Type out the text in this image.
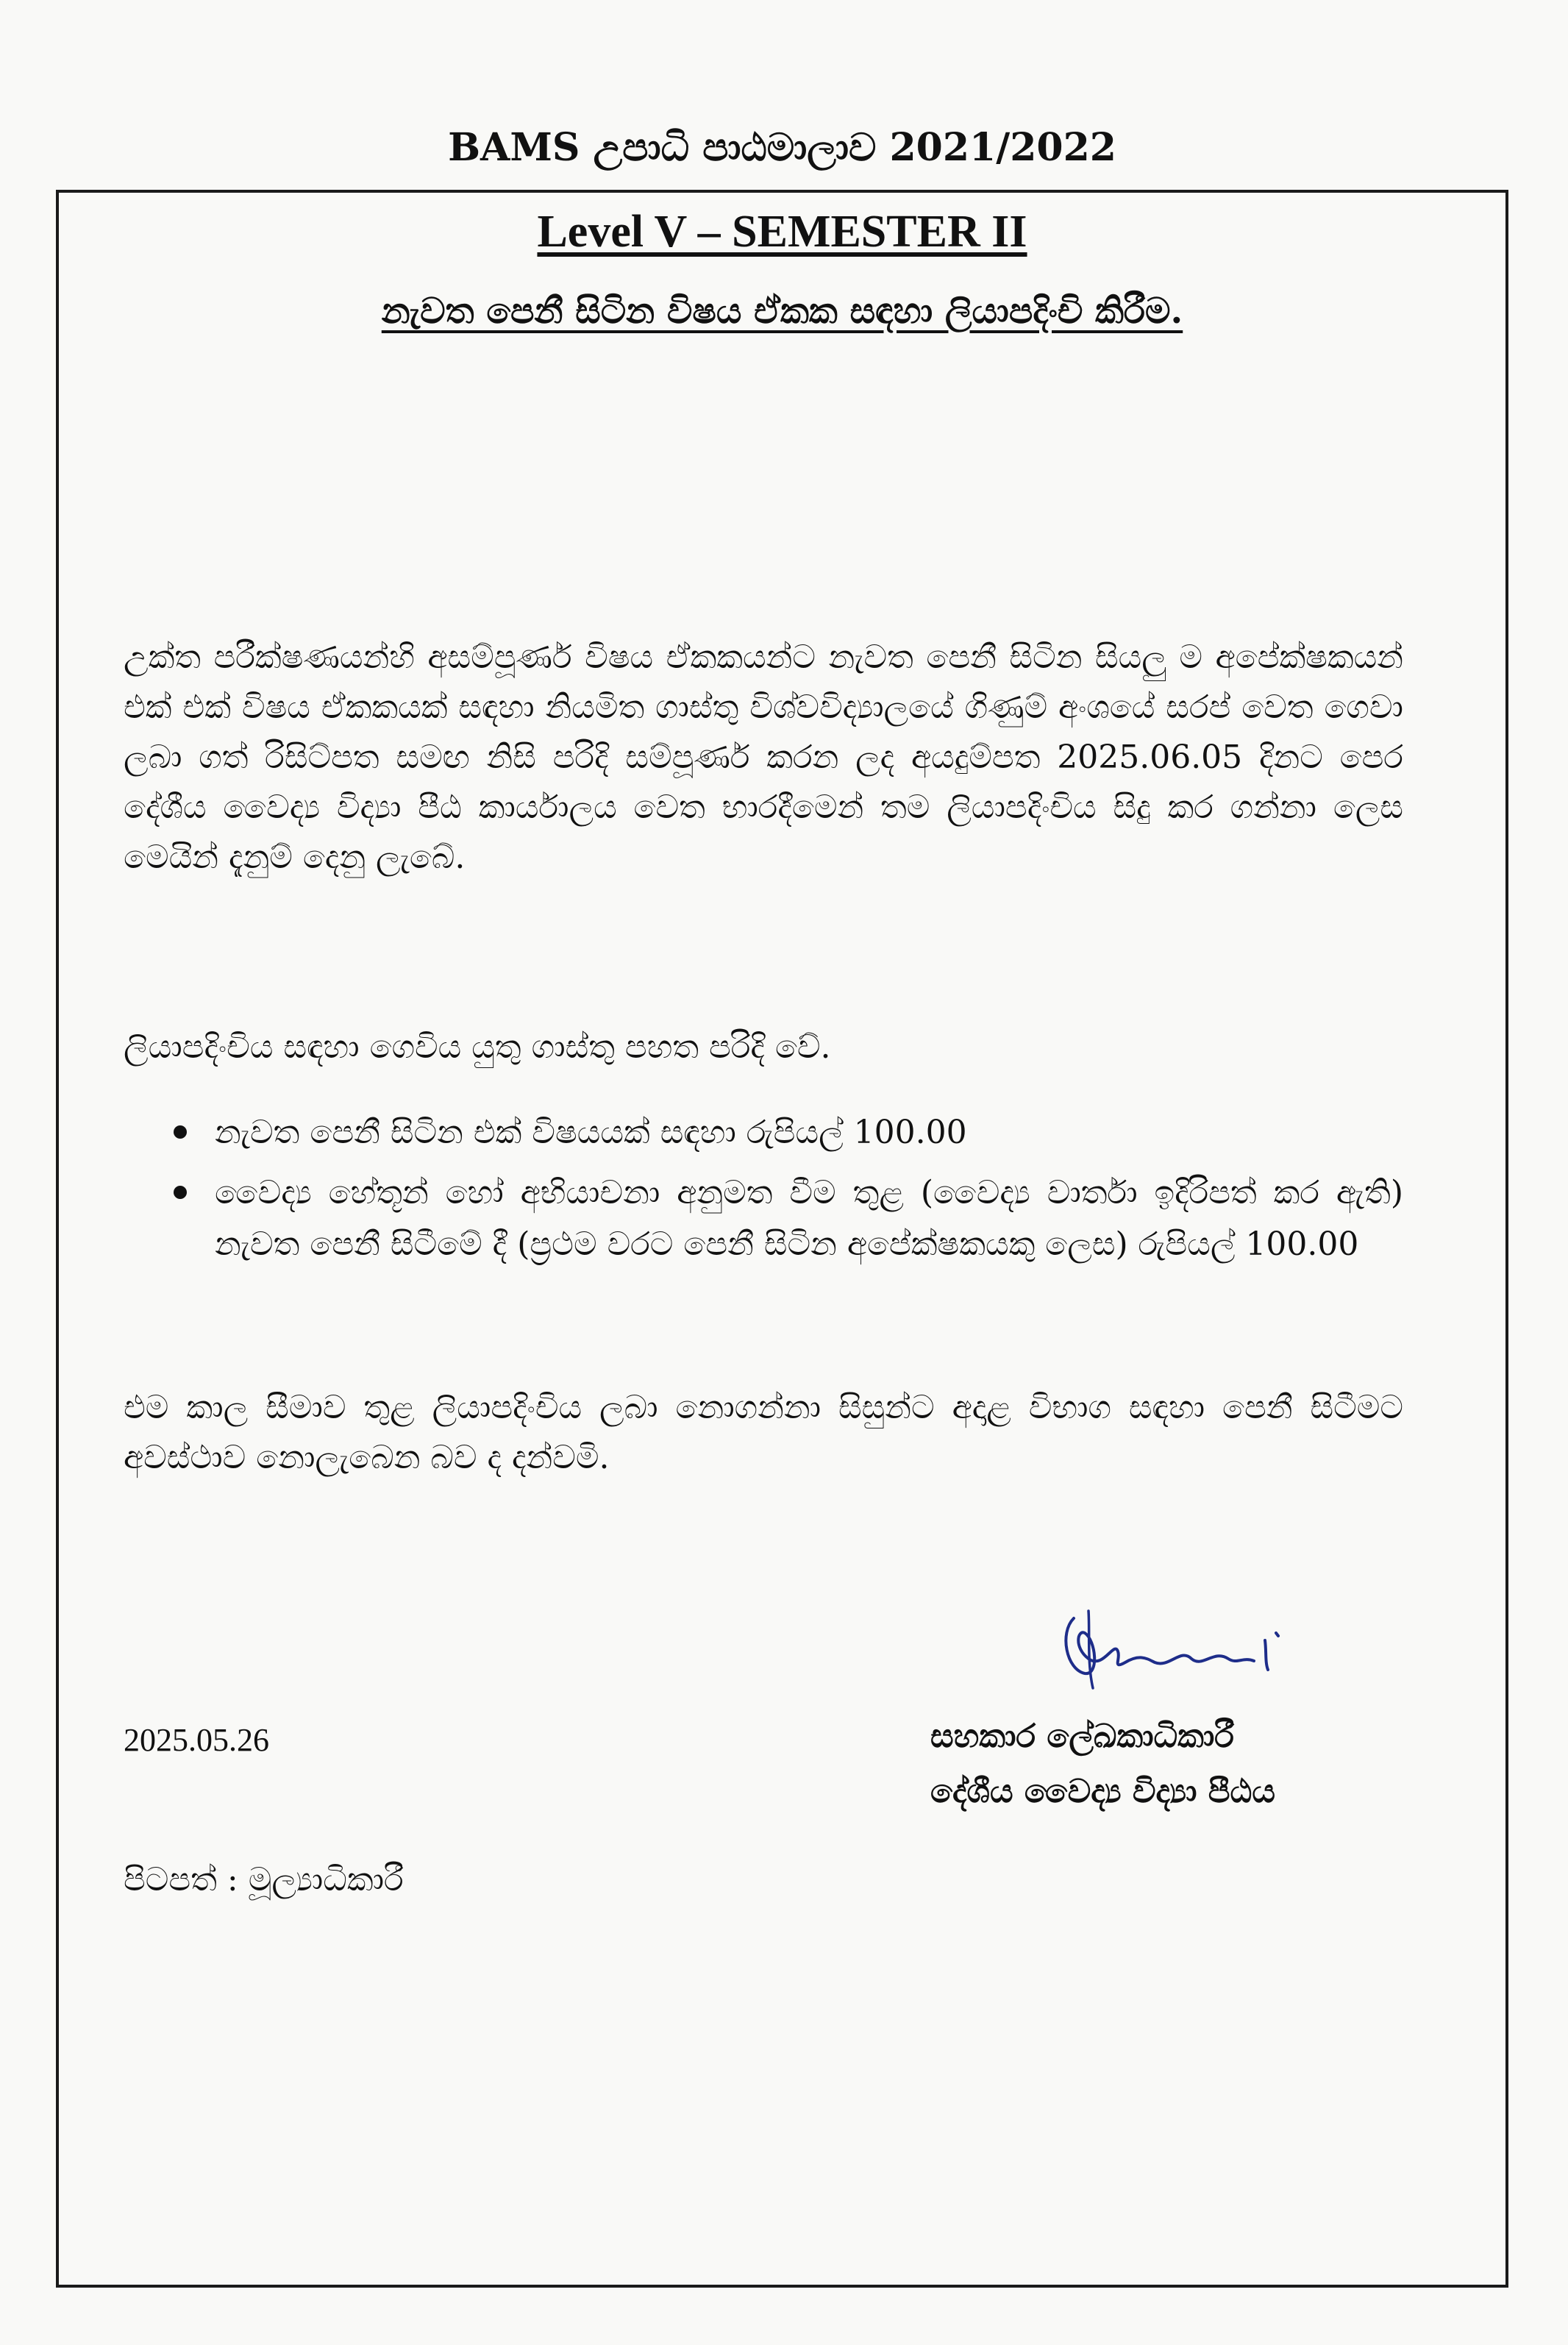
BAMS උපාධි පාඨමාලාව 2021/2022
Level V – SEMESTER II
නැවත පෙනී සිටින විෂය ඒකක සඳහා ලියාපදිංචි කිරීම.
උක්ත පරීක්ෂණයන්හි අසම්පූර්ණ විෂය ඒකකයන්ට නැවත පෙනී සිටින සියලු ම අපේක්ෂකයන් එක් එක් විෂය ඒකකයක් සඳහා නියමිත ගාස්තු විශ්වවිද්‍යාලයේ ගිණුම් අංශයේ සරප් වෙත ගෙවා ලබා ගත් රිසිට්පත සමඟ නිසි පරිදි සම්පූර්ණ කරන ලද අයදුම්පත 2025.06.05 දිනට පෙර දේශීය වෛද්‍ය විද්‍යා පීඨ කාර්යාලය වෙත භාරදීමෙන් තම ලියාපදිංචිය සිදු කර ගන්නා ලෙස මෙයින් දැනුම් දෙනු ලැබේ.
ලියාපදිංචිය සඳහා ගෙවිය යුතු ගාස්තු පහත පරිදි වේ.
නැවත පෙනී සිටින එක් විෂයයක් සඳහා රුපියල් 100.00
වෛද්‍ය හේතූන් හෝ අභියාචනා අනුමත වීම තුළ (වෛද්‍ය වාර්තා ඉදිරිපත් කර ඇති) නැවත පෙනී සිටීමේ දී (ප්‍රථම වරට පෙනී සිටින අපේක්ෂකයකු ලෙස) රුපියල් 100.00
එම කාල සීමාව තුළ ලියාපදිංචිය ලබා නොගන්නා සිසුන්ට අදාළ විභාග සඳහා පෙනී සිටීමට අවස්ථාව නොලැබෙන බව ද දන්වමි.
2025.05.26	සහකාර ලේඛකාධිකාරී
දේශීය වෛද්‍ය විද්‍යා පීඨය
පිටපත් : මූල්‍යාධිකාරී
